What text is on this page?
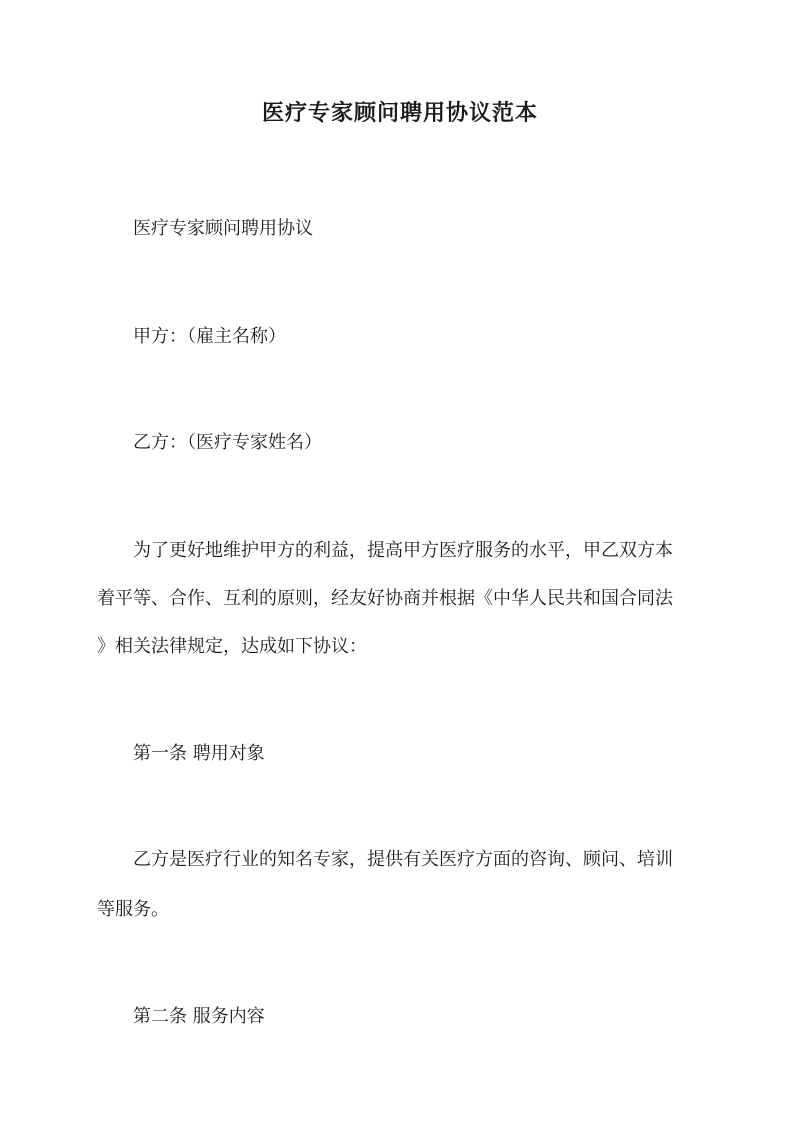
医疗专家顾问聘用协议范本
医疗专家顾问聘用协议
甲方：（雇主名称）
乙方：（医疗专家姓名）
为了更好地维护甲方的利益，提高甲方医疗服务的水平，甲乙双方本
着平等、合作、互利的原则，经友好协商并根据《中华人民共和国合同法
》相关法律规定，达成如下协议：
第一条 聘用对象
乙方是医疗行业的知名专家，提供有关医疗方面的咨询、顾问、培训
等服务。
第二条 服务内容
